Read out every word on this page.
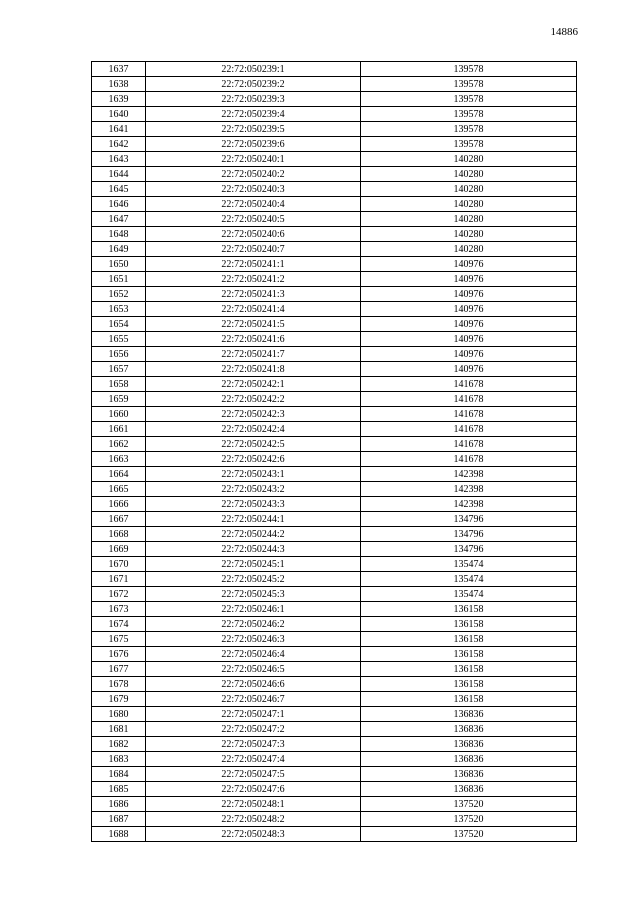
14886
1637	22:72:050239:1	139578
1638	22:72:050239:2	139578
1639	22:72:050239:3	139578
1640	22:72:050239:4	139578
1641	22:72:050239:5	139578
1642	22:72:050239:6	139578
1643	22:72:050240:1	140280
1644	22:72:050240:2	140280
1645	22:72:050240:3	140280
1646	22:72:050240:4	140280
1647	22:72:050240:5	140280
1648	22:72:050240:6	140280
1649	22:72:050240:7	140280
1650	22:72:050241:1	140976
1651	22:72:050241:2	140976
1652	22:72:050241:3	140976
1653	22:72:050241:4	140976
1654	22:72:050241:5	140976
1655	22:72:050241:6	140976
1656	22:72:050241:7	140976
1657	22:72:050241:8	140976
1658	22:72:050242:1	141678
1659	22:72:050242:2	141678
1660	22:72:050242:3	141678
1661	22:72:050242:4	141678
1662	22:72:050242:5	141678
1663	22:72:050242:6	141678
1664	22:72:050243:1	142398
1665	22:72:050243:2	142398
1666	22:72:050243:3	142398
1667	22:72:050244:1	134796
1668	22:72:050244:2	134796
1669	22:72:050244:3	134796
1670	22:72:050245:1	135474
1671	22:72:050245:2	135474
1672	22:72:050245:3	135474
1673	22:72:050246:1	136158
1674	22:72:050246:2	136158
1675	22:72:050246:3	136158
1676	22:72:050246:4	136158
1677	22:72:050246:5	136158
1678	22:72:050246:6	136158
1679	22:72:050246:7	136158
1680	22:72:050247:1	136836
1681	22:72:050247:2	136836
1682	22:72:050247:3	136836
1683	22:72:050247:4	136836
1684	22:72:050247:5	136836
1685	22:72:050247:6	136836
1686	22:72:050248:1	137520
1687	22:72:050248:2	137520
1688	22:72:050248:3	137520
